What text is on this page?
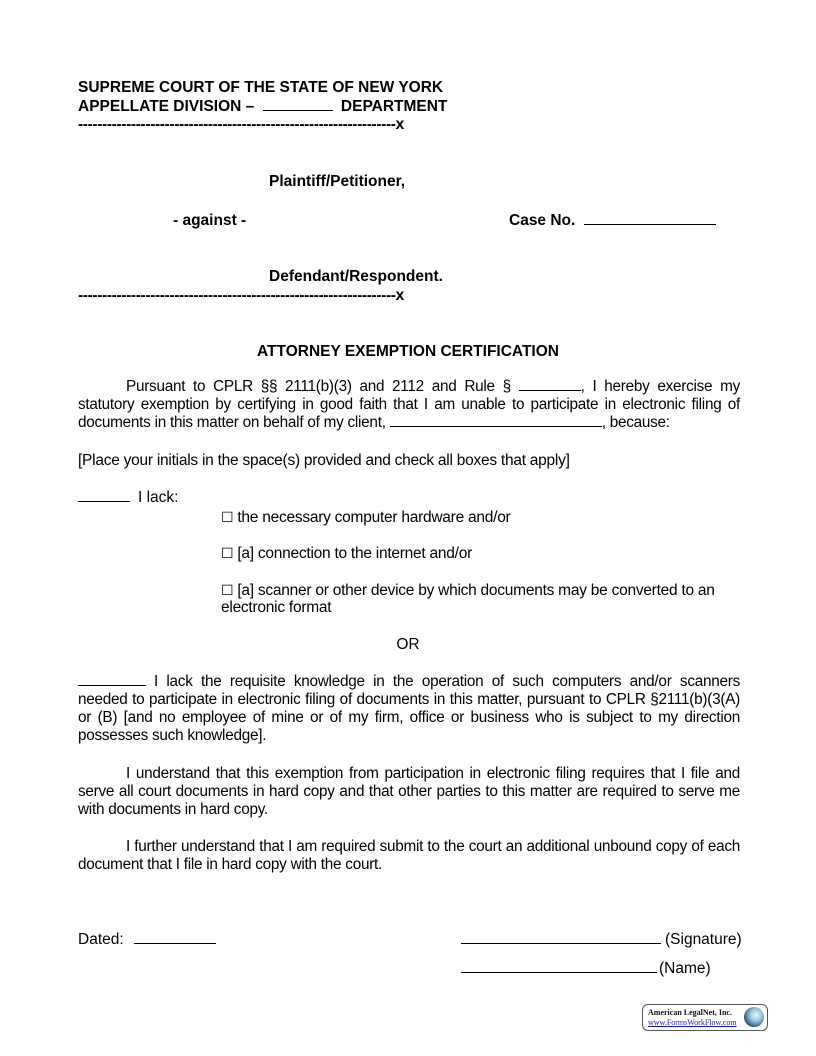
SUPREME COURT OF THE STATE OF NEW YORK
APPELLATE DIVISION –	DEPARTMENT
------------------------------------------------------------------x
Plaintiff/Petitioner,
- against -	Case No.
Defendant/Respondent.
------------------------------------------------------------------x
ATTORNEY EXEMPTION CERTIFICATION
Pursuant to CPLR §§ 2111(b)(3) and 2112 and Rule §	, I hereby exercise my statutory exemption by certifying in good faith that I am unable to participate in electronic filing of documents in this matter on behalf of my client,	, because:
[Place your initials in the space(s) provided and check all boxes that apply]
I lack:
☐ the necessary computer hardware and/or
☐ [a] connection to the internet and/or
☐ [a] scanner or other device by which documents may be converted to an
electronic format
OR
I lack the requisite knowledge in the operation of such computers and/or scanners needed to participate in electronic filing of documents in this matter, pursuant to CPLR §2111(b)(3(A) or (B) [and no employee of mine or of my firm, office or business who is subject to my direction possesses such knowledge].
I understand that this exemption from participation in electronic filing requires that I file and serve all court documents in hard copy and that other parties to this matter are required to serve me with documents in hard copy.
I further understand that I am required submit to the court an additional unbound copy of each document that I file in hard copy with the court.
Dated:	(Signature)
(Name)
American LegalNet, Inc.
www.FormsWorkFlow.com
